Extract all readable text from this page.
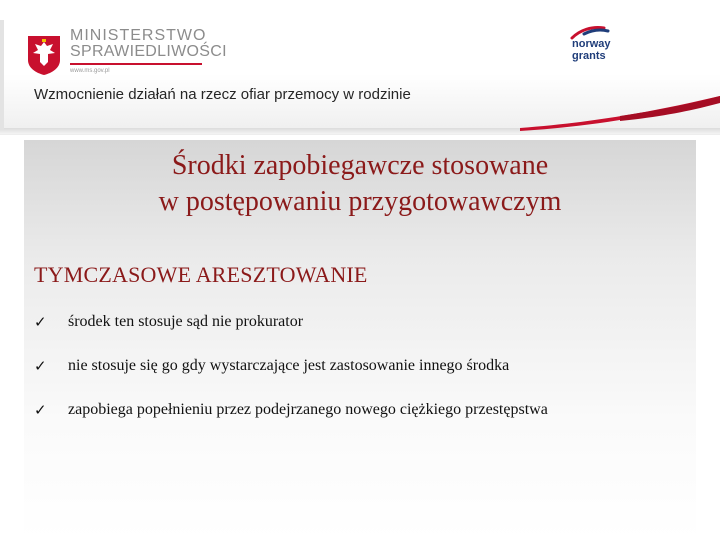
MINISTERSTWO
SPRAWIEDLIWOŚCI
www.ms.gov.pl
norway
grants
Wzmocnienie działań na rzecz ofiar przemocy w rodzinie
Środki zapobiegawcze stosowane
w postępowaniu przygotowawczym
TYMCZASOWE ARESZTOWANIE
✓	środek ten stosuje sąd nie prokurator
✓	nie stosuje się go gdy wystarczające jest zastosowanie innego środka
✓	zapobiega popełnieniu przez podejrzanego nowego ciężkiego przestępstwa
